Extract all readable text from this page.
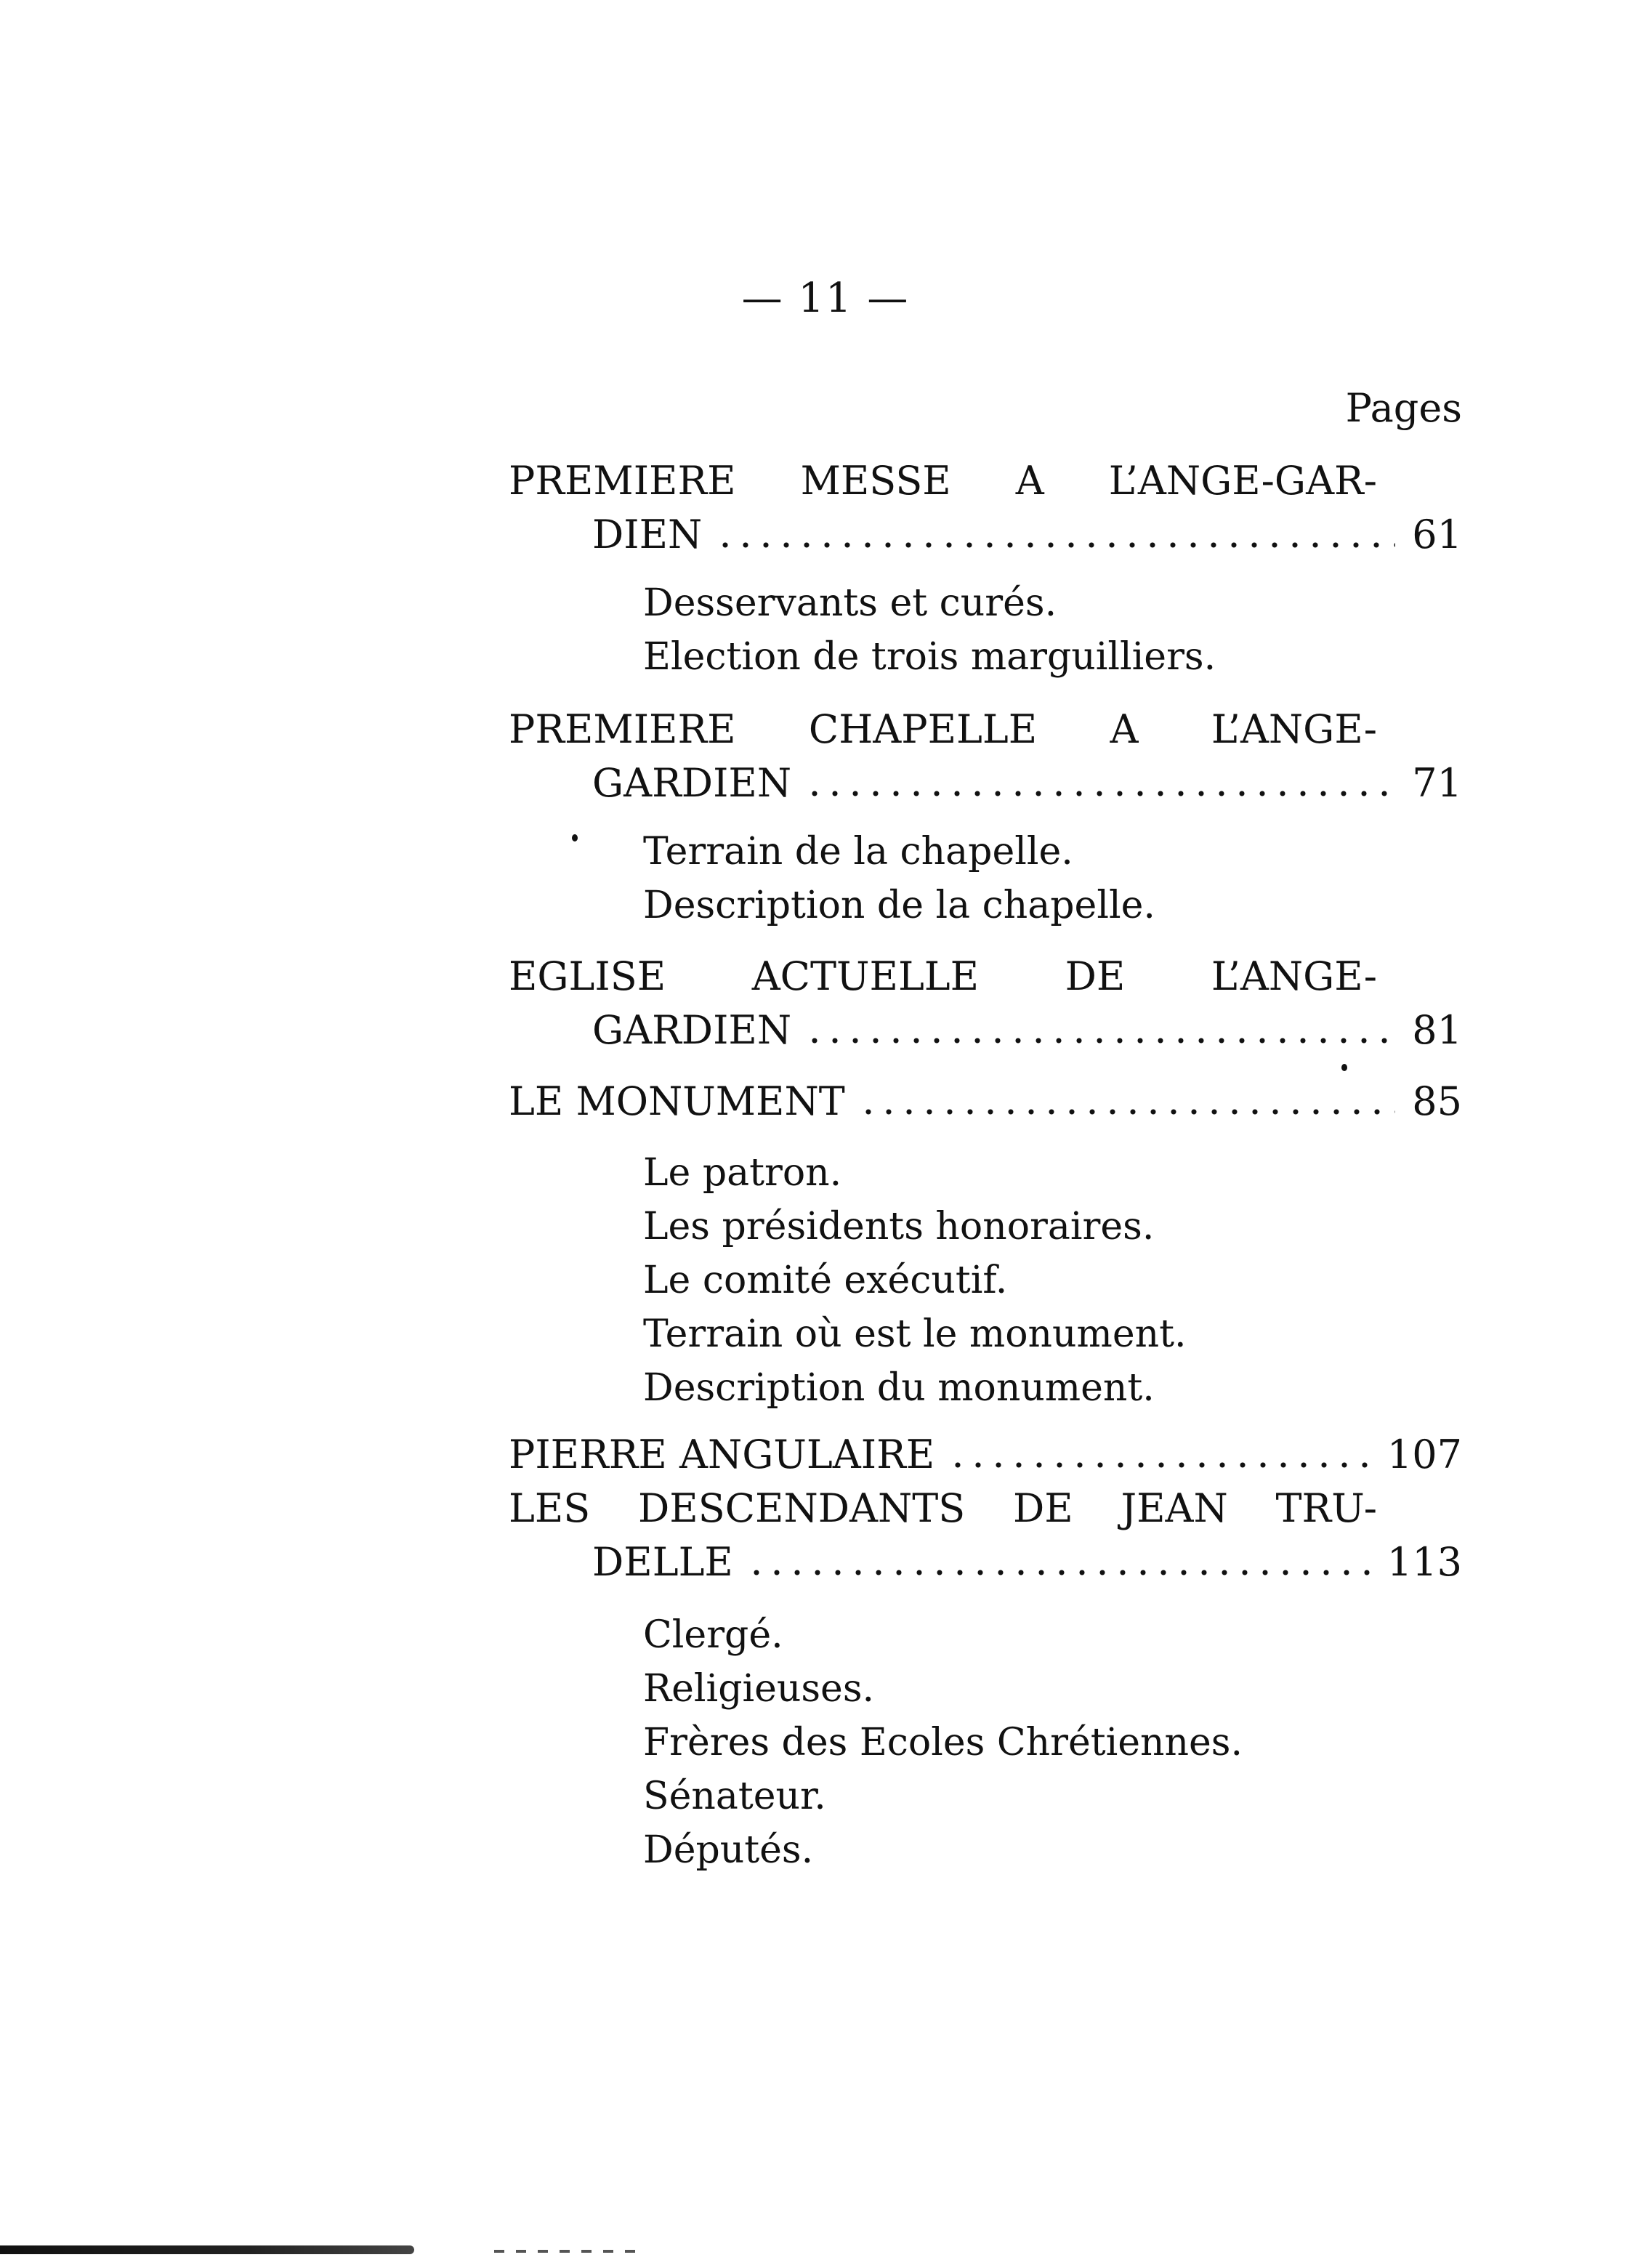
— 11 —
Pages
PREMIERE MESSE A L’ANGE-GAR-
DIEN	61
PREMIERE CHAPELLE A L’ANGE-
GARDIEN	71
EGLISE ACTUELLE DE L’ANGE-
GARDIEN	81
LE MONUMENT	85
PIERRE ANGULAIRE	107
LES DESCENDANTS DE JEAN TRU-
DELLE	113
Desservants et curés.
Election de trois marguilliers.
Terrain de la chapelle.
Description de la chapelle.
Le patron.
Les présidents honoraires.
Le comité exécutif.
Terrain où est le monument.
Description du monument.
Clergé.
Religieuses.
Frères des Ecoles Chrétiennes.
Sénateur.
Députés.
